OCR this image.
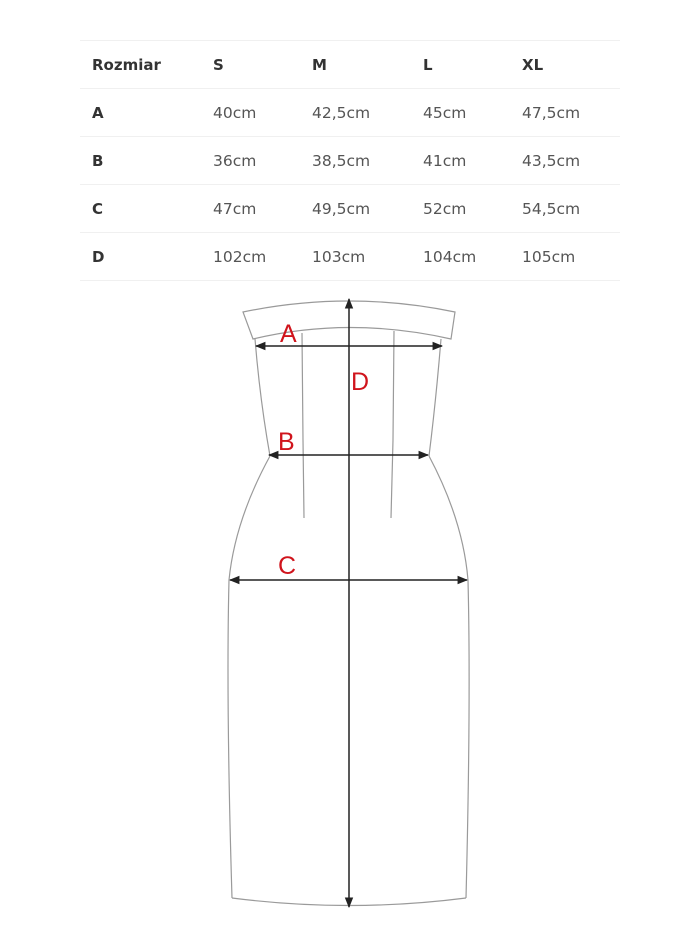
Rozmiar	S	M	L	XL
A	40cm	42,5cm	45cm	47,5cm
B	36cm	38,5cm	41cm	43,5cm
C	47cm	49,5cm	52cm	54,5cm
D	102cm	103cm	104cm	105cm
A
D
B
C
